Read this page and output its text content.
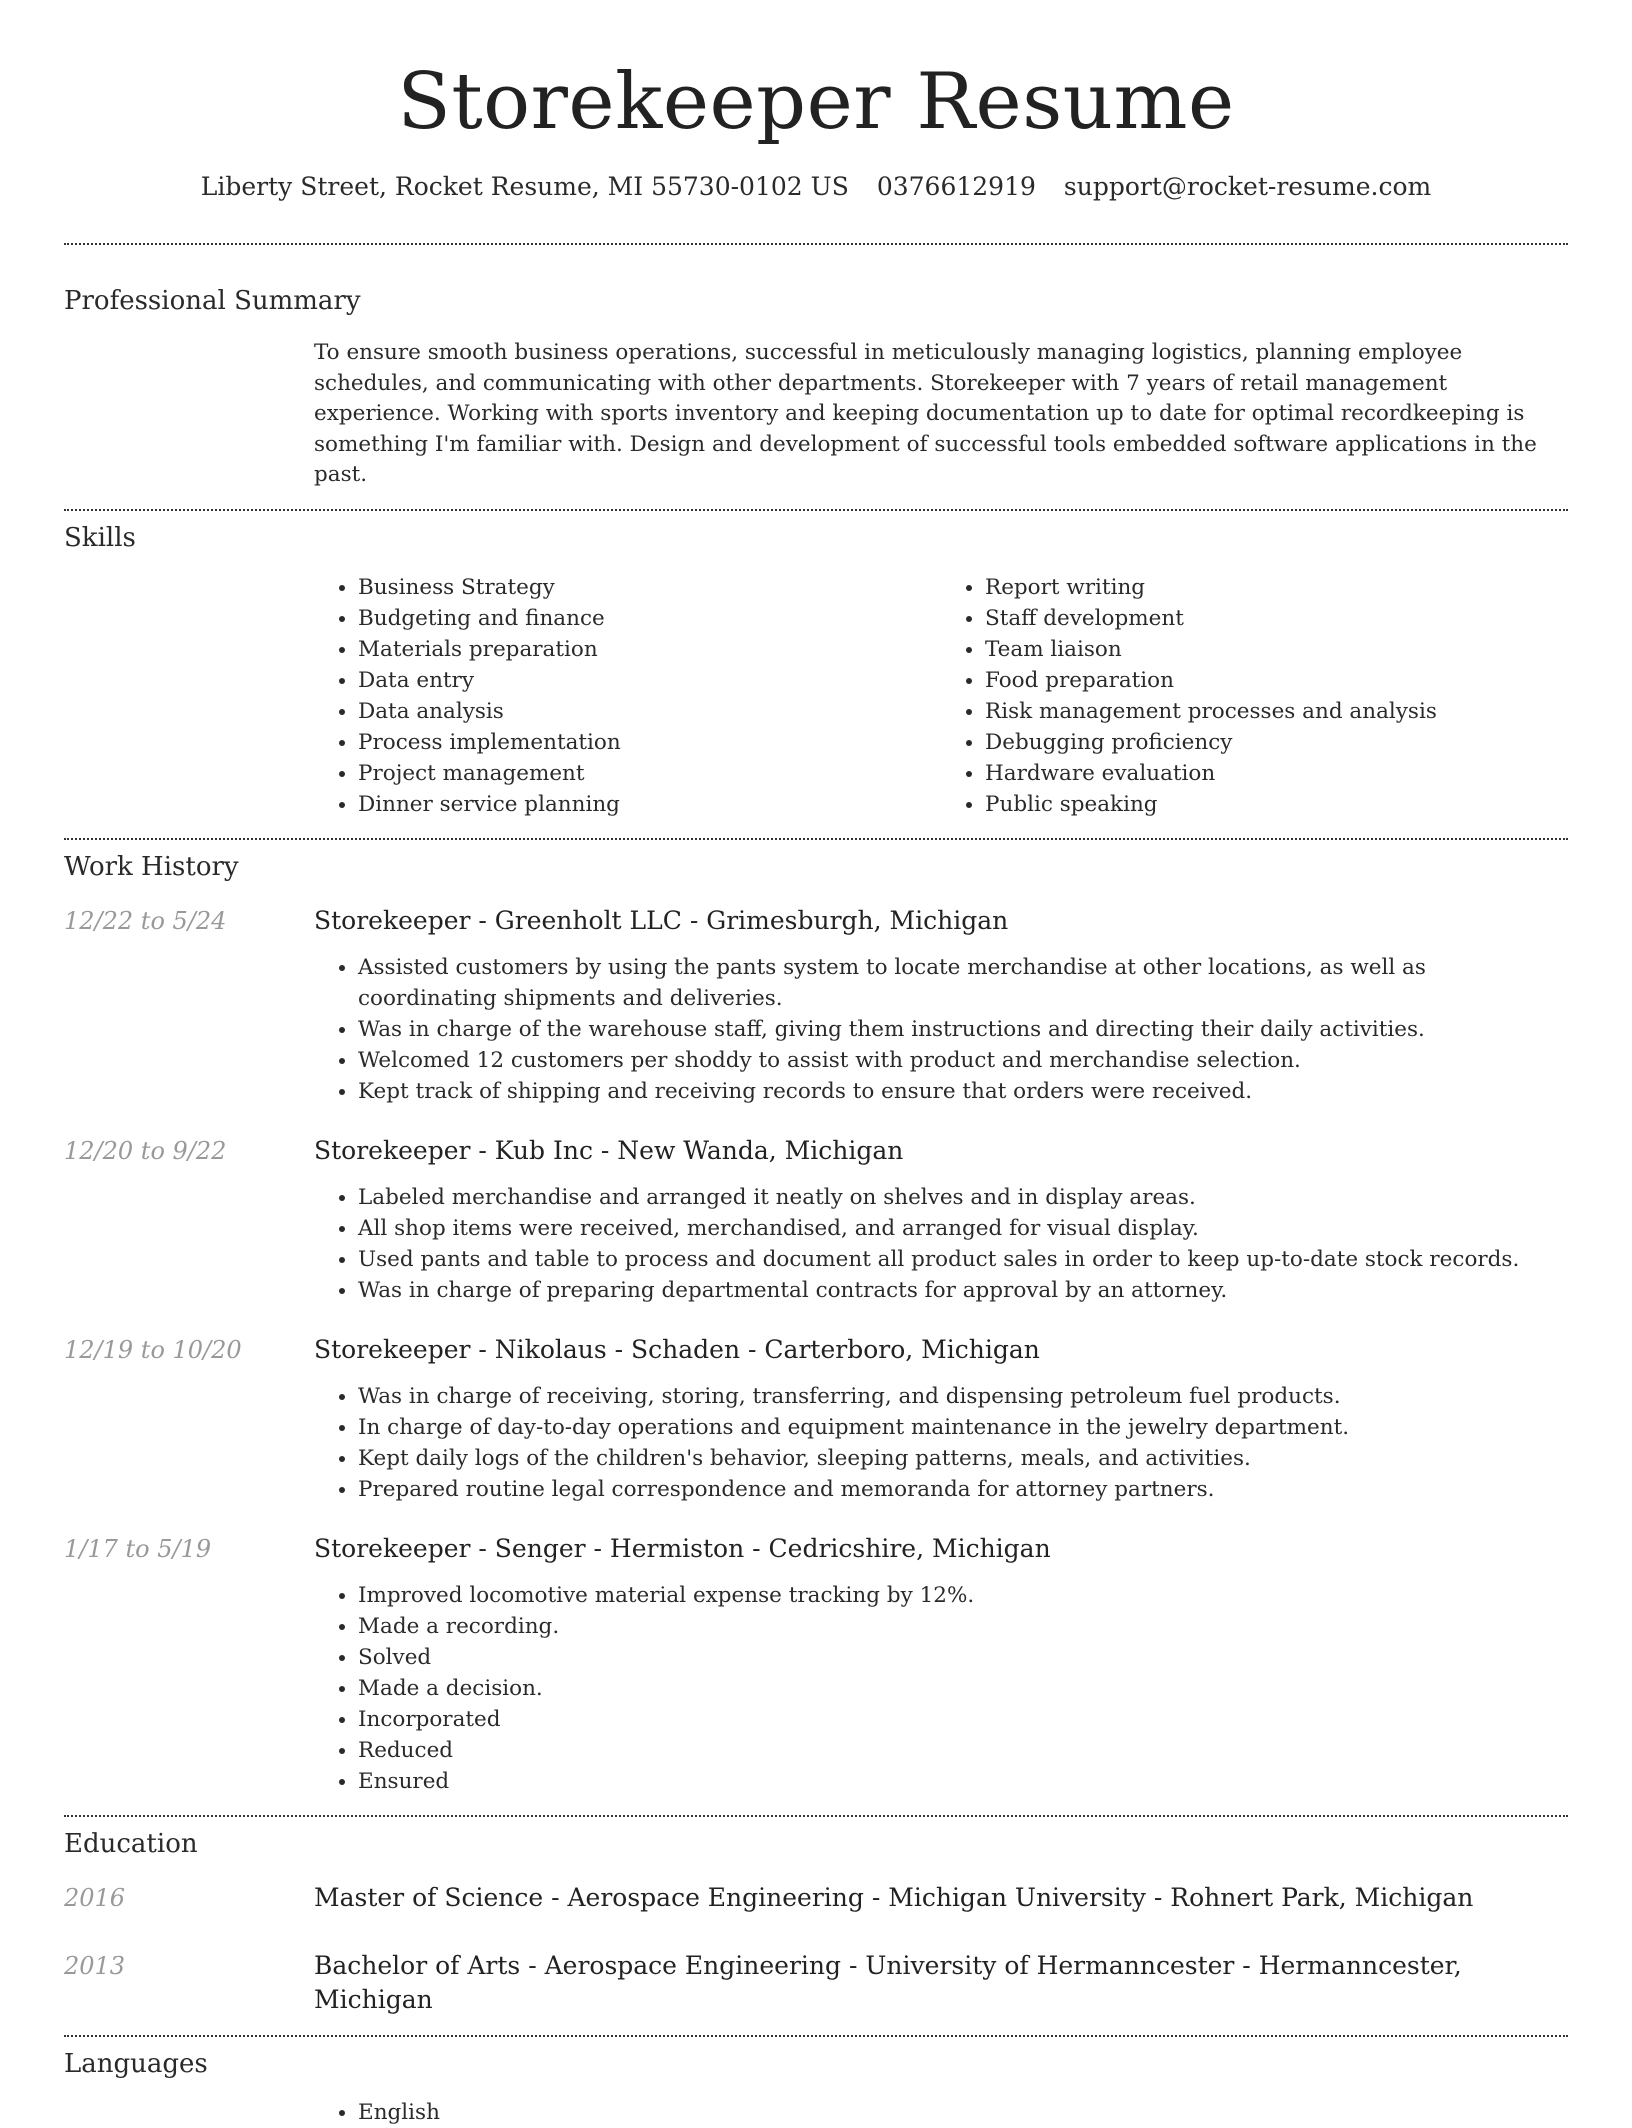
Storekeeper Resume
Liberty Street, Rocket Resume, MI 55730-0102 US 0376612919 support@rocket-resume.com
Professional Summary
To ensure smooth business operations, successful in meticulously managing logistics, planning employee schedules, and communicating with other departments. Storekeeper with 7 years of retail management experience. Working with sports inventory and keeping documentation up to date for optimal recordkeeping is something I'm familiar with. Design and development of successful tools embedded software applications in the past.
Skills
• Business Strategy
• Budgeting and finance
• Materials preparation
• Data entry
• Data analysis
• Process implementation
• Project management
• Dinner service planning
• Report writing
• Staff development
• Team liaison
• Food preparation
• Risk management processes and analysis
• Debugging proficiency
• Hardware evaluation
• Public speaking
Work History
12/22 to 5/24	Storekeeper - Greenholt LLC - Grimesburgh, Michigan
• Assisted customers by using the pants system to locate merchandise at other locations, as well as coordinating shipments and deliveries.
• Was in charge of the warehouse staff, giving them instructions and directing their daily activities.
• Welcomed 12 customers per shoddy to assist with product and merchandise selection.
• Kept track of shipping and receiving records to ensure that orders were received.
12/20 to 9/22	Storekeeper - Kub Inc - New Wanda, Michigan
• Labeled merchandise and arranged it neatly on shelves and in display areas.
• All shop items were received, merchandised, and arranged for visual display.
• Used pants and table to process and document all product sales in order to keep up-to-date stock records.
• Was in charge of preparing departmental contracts for approval by an attorney.
12/19 to 10/20	Storekeeper - Nikolaus - Schaden - Carterboro, Michigan
• Was in charge of receiving, storing, transferring, and dispensing petroleum fuel products.
• In charge of day-to-day operations and equipment maintenance in the jewelry department.
• Kept daily logs of the children's behavior, sleeping patterns, meals, and activities.
• Prepared routine legal correspondence and memoranda for attorney partners.
1/17 to 5/19	Storekeeper - Senger - Hermiston - Cedricshire, Michigan
• Improved locomotive material expense tracking by 12%.
• Made a recording.
• Solved
• Made a decision.
• Incorporated
• Reduced
• Ensured
Education
2016	Master of Science - Aerospace Engineering - Michigan University - Rohnert Park, Michigan
2013	Bachelor of Arts - Aerospace Engineering - University of Hermanncester - Hermanncester, Michigan
Languages
• English
